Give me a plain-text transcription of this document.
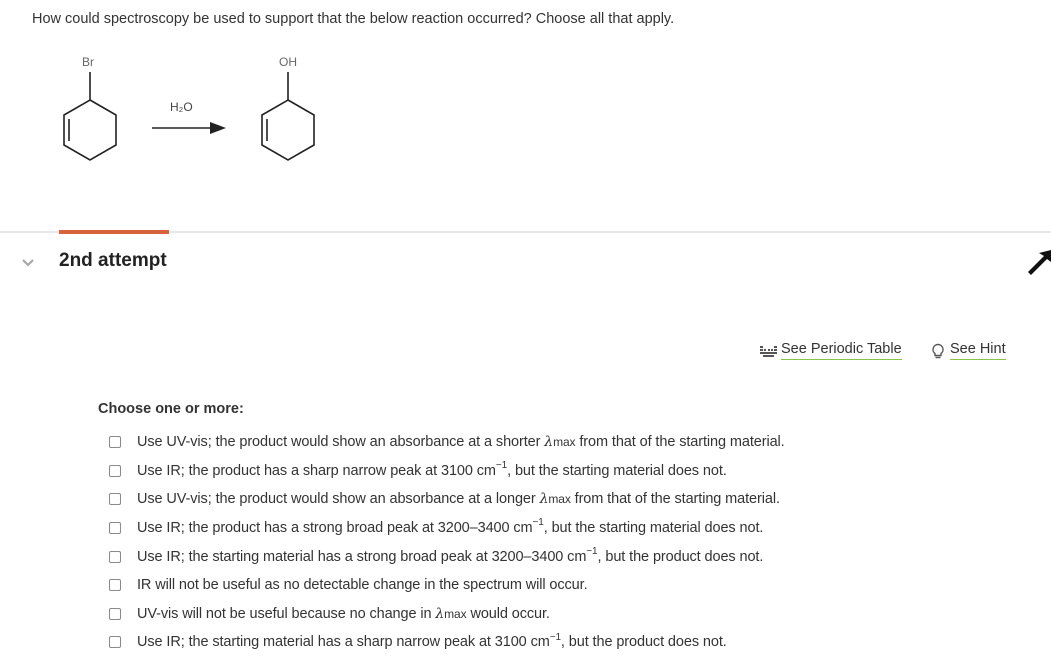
How could spectroscopy be used to support that the below reaction occurred? Choose all that apply.
Br
H₂O
OH
2nd attempt
See Periodic Table	See Hint
Choose one or more:
Use UV-vis; the product would show an absorbance at a shorter λmax from that of the starting material.
Use IR; the product has a sharp narrow peak at 3100 $cm^{-1}$, but the starting material does not.
Use UV-vis; the product would show an absorbance at a longer λmax from that of the starting material.
Use IR; the product has a strong broad peak at 3200–3400 $cm^{-1}$, but the starting material does not.
Use IR; the starting material has a strong broad peak at 3200–3400 $cm^{-1}$, but the product does not.
IR will not be useful as no detectable change in the spectrum will occur.
UV-vis will not be useful because no change in λmax would occur.
Use IR; the starting material has a sharp narrow peak at 3100 $cm^{-1}$, but the product does not.
